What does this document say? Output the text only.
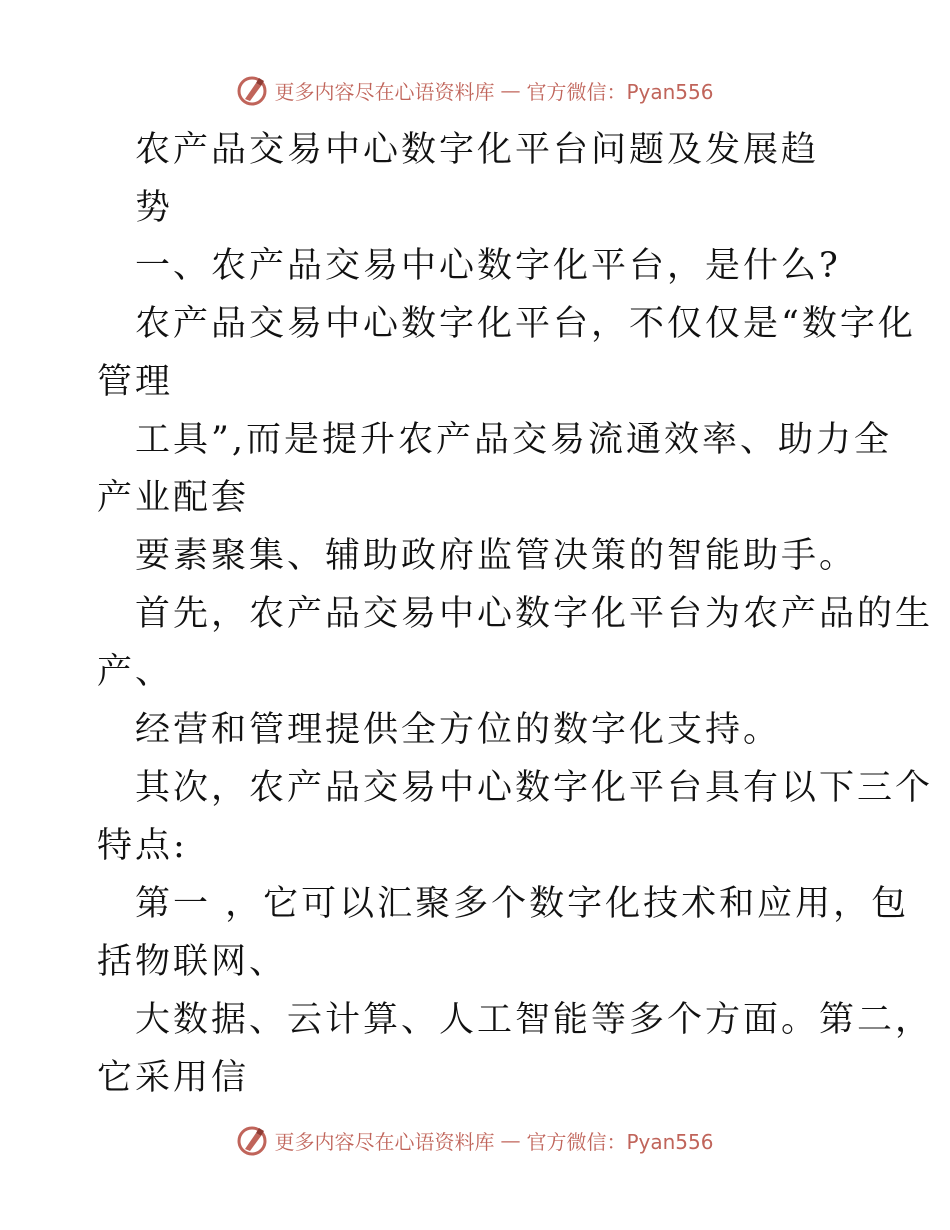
更多内容尽在心语资料库 — 官方微信：Pyan556
农产品交易中心数字化平台问题及发展趋
势
一、农产品交易中心数字化平台，是什么?
农产品交易中心数字化平台，不仅仅是“数字化
管理
工具”,而是提升农产品交易流通效率、助力全
产业配套
要素聚集、辅助政府监管决策的智能助手。
首先，农产品交易中心数字化平台为农产品的生
产、
经营和管理提供全方位的数字化支持。
其次，农产品交易中心数字化平台具有以下三个
特点:
第一 ，它可以汇聚多个数字化技术和应用，包
括物联网、
大数据、云计算、人工智能等多个方面。第二，
它采用信
更多内容尽在心语资料库 — 官方微信：Pyan556
